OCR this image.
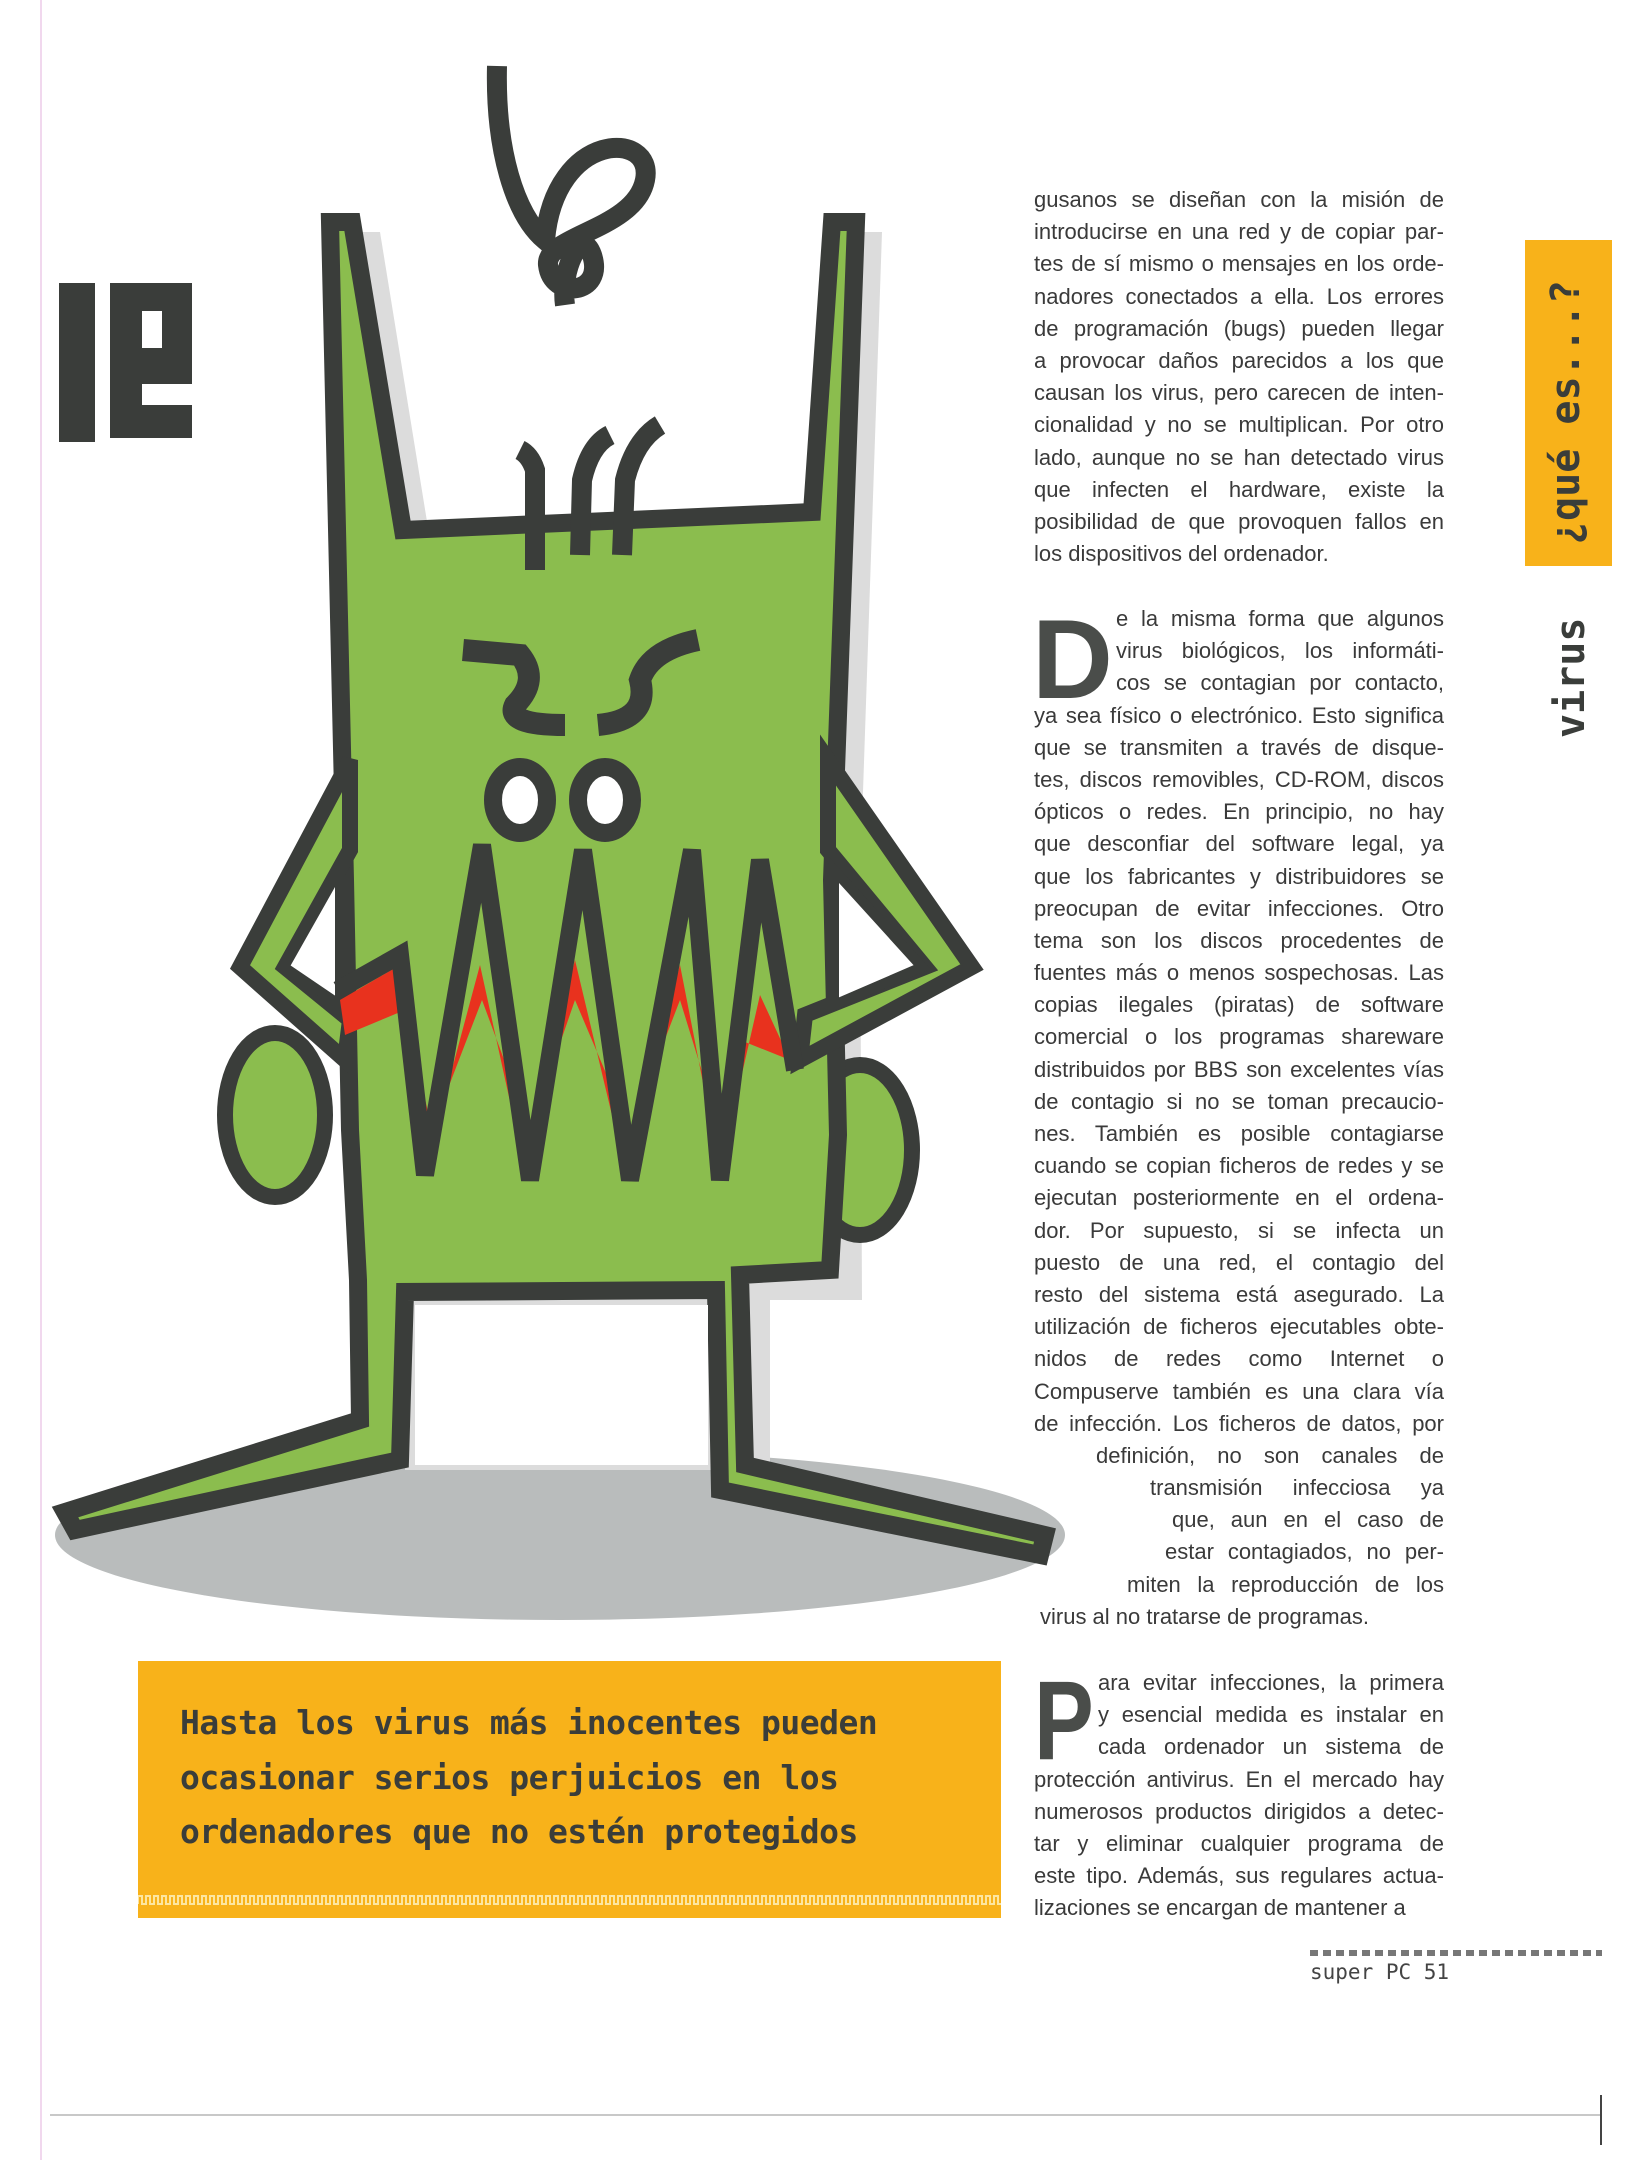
¿qué es...?
virus
gusanos se diseñan con la misión de
introducirse en una red y de copiar par-
tes de sí mismo o mensajes en los orde-
nadores conectados a ella. Los errores
de programación (bugs) pueden llegar
a provocar daños parecidos a los que
causan los virus, pero carecen de inten-
cionalidad y no se multiplican. Por otro
lado, aunque no se han detectado virus
que infecten el hardware, existe la
posibilidad de que provoquen fallos en
los dispositivos del ordenador.
e la misma forma que algunos
virus biológicos, los informáti-
cos se contagian por contacto,
ya sea físico o electrónico. Esto significa
que se transmiten a través de disque-
tes, discos removibles, CD-ROM, discos
ópticos o redes. En principio, no hay
que desconfiar del software legal, ya
que los fabricantes y distribuidores se
preocupan de evitar infecciones. Otro
tema son los discos procedentes de
fuentes más o menos sospechosas. Las
copias ilegales (piratas) de software
comercial o los programas shareware
distribuidos por BBS son excelentes vías
de contagio si no se toman precaucio-
nes. También es posible contagiarse
cuando se copian ficheros de redes y se
ejecutan posteriormente en el ordena-
dor. Por supuesto, si se infecta un
puesto de una red, el contagio del
resto del sistema está asegurado. La
utilización de ficheros ejecutables obte-
nidos de redes como Internet o
Compuserve también es una clara vía
de infección. Los ficheros de datos, por
definición, no son canales de
transmisión infecciosa ya
que, aun en el caso de
estar contagiados, no per-
miten la reproducción de los
virus al no tratarse de programas.
ara evitar infecciones, la primera
y esencial medida es instalar en
cada ordenador un sistema de
protección antivirus. En el mercado hay
numerosos productos dirigidos a detec-
tar y eliminar cualquier programa de
este tipo. Además, sus regulares actua-
lizaciones se encargan de mantener a
D
P
Hasta los virus más inocentes pueden
ocasionar serios perjuicios en los
ordenadores que no estén protegidos
super PC 51
